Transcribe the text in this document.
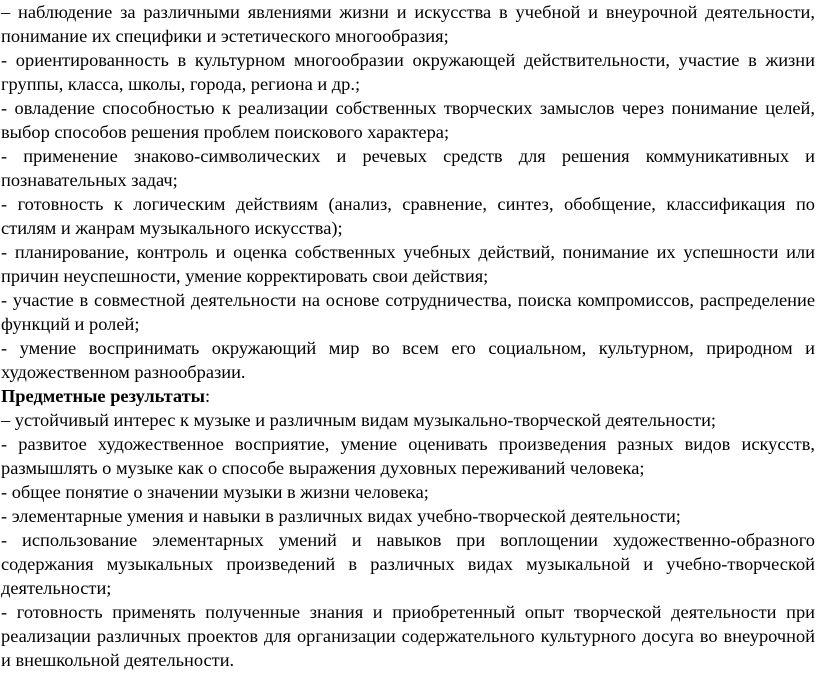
– наблюдение за различными явлениями жизни и искусства в учебной и внеурочной деятельности, понимание их специфики и эстетического многообразия;

- ориентированность в культурном многообразии окружающей действительности, участие в жизни группы, класса, школы, города, региона и др.;

- овладение способностью к реализации собственных творческих замыслов через понимание целей, выбор способов решения проблем поискового характера;

- применение знаково-символических и речевых средств для решения коммуникативных и познавательных задач;

- готовность к логическим действиям (анализ, сравнение, синтез, обобщение, классификация по стилям и жанрам музыкального искусства);

- планирование, контроль и оценка собственных учебных действий, понимание их успешности или причин неуспешности, умение корректировать свои действия;

- участие в совместной деятельности на основе сотрудничества, поиска компромиссов, распределение функций и ролей;

- умение воспринимать окружающий мир во всем его социальном, культурном, природном и художественном разнообразии.

Предметные результаты:

– устойчивый интерес к музыке и различным видам музыкально-творческой деятельности;

- развитое художественное восприятие, умение оценивать произведения разных видов искусств, размышлять о музыке как о способе выражения духовных переживаний человека;

- общее понятие о значении музыки в жизни человека;

- элементарные умения и навыки в различных видах учебно-творческой деятельности;

- использование элементарных умений и навыков при воплощении художественно-образного содержания музыкальных произведений в различных видах музыкальной и учебно-творческой деятельности;

- готовность применять полученные знания и приобретенный опыт творческой деятельности при реализации различных проектов для организации содержательного культурного досуга во внеурочной и внешкольной деятельности.
